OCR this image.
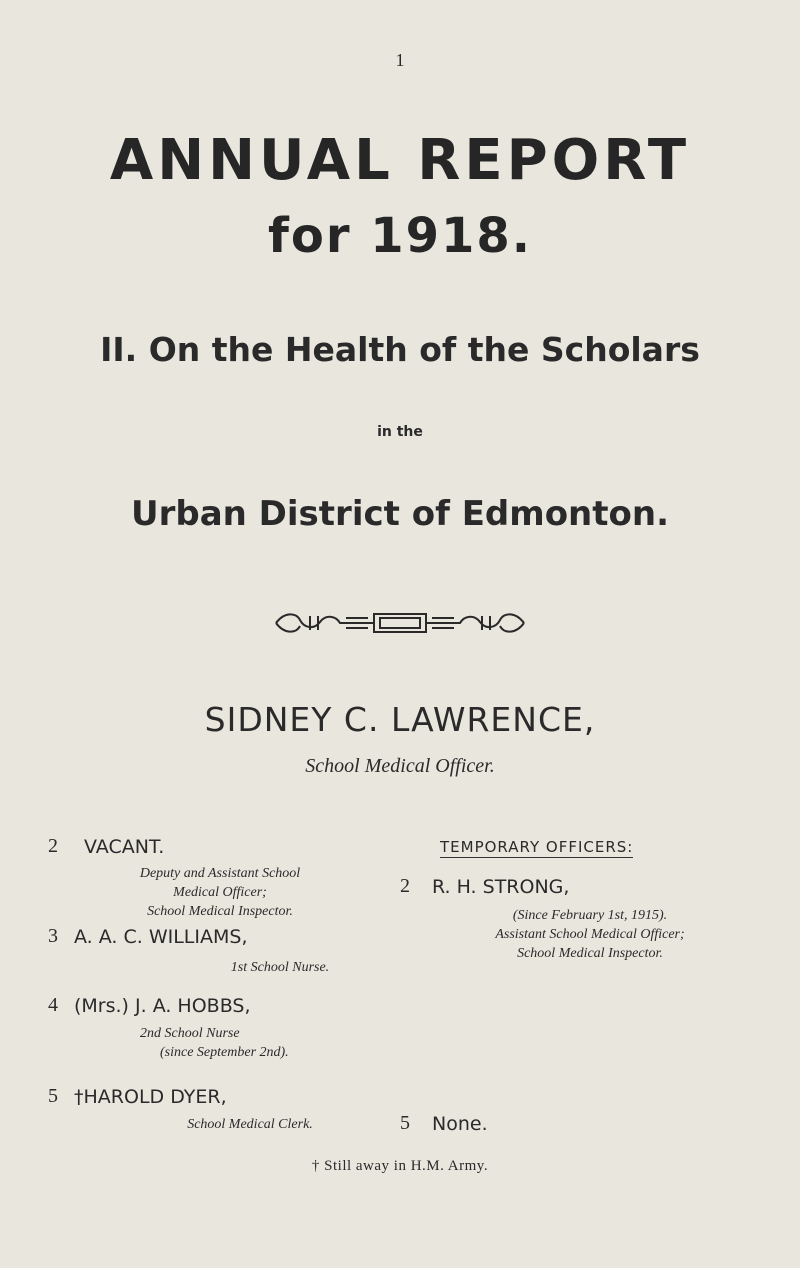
1
ANNUAL REPORT
for 1918.
II. On the Health of the Scholars
in the
Urban District of Edmonton.
SIDNEY C. LAWRENCE,
School Medical Officer.
2 VACANT.
Deputy and Assistant School
Medical Officer;
School Medical Inspector.
3 A. A. C. WILLIAMS,
1st School Nurse.
4 (Mrs.) J. A. HOBBS,
2nd School Nurse
(since September 2nd).
5 †HAROLD DYER,
School Medical Clerk.
TEMPORARY OFFICERS:
2 R. H. STRONG,
(Since February 1st, 1915).
Assistant School Medical Officer;
School Medical Inspector.
5 None.
† Still away in H.M. Army.
